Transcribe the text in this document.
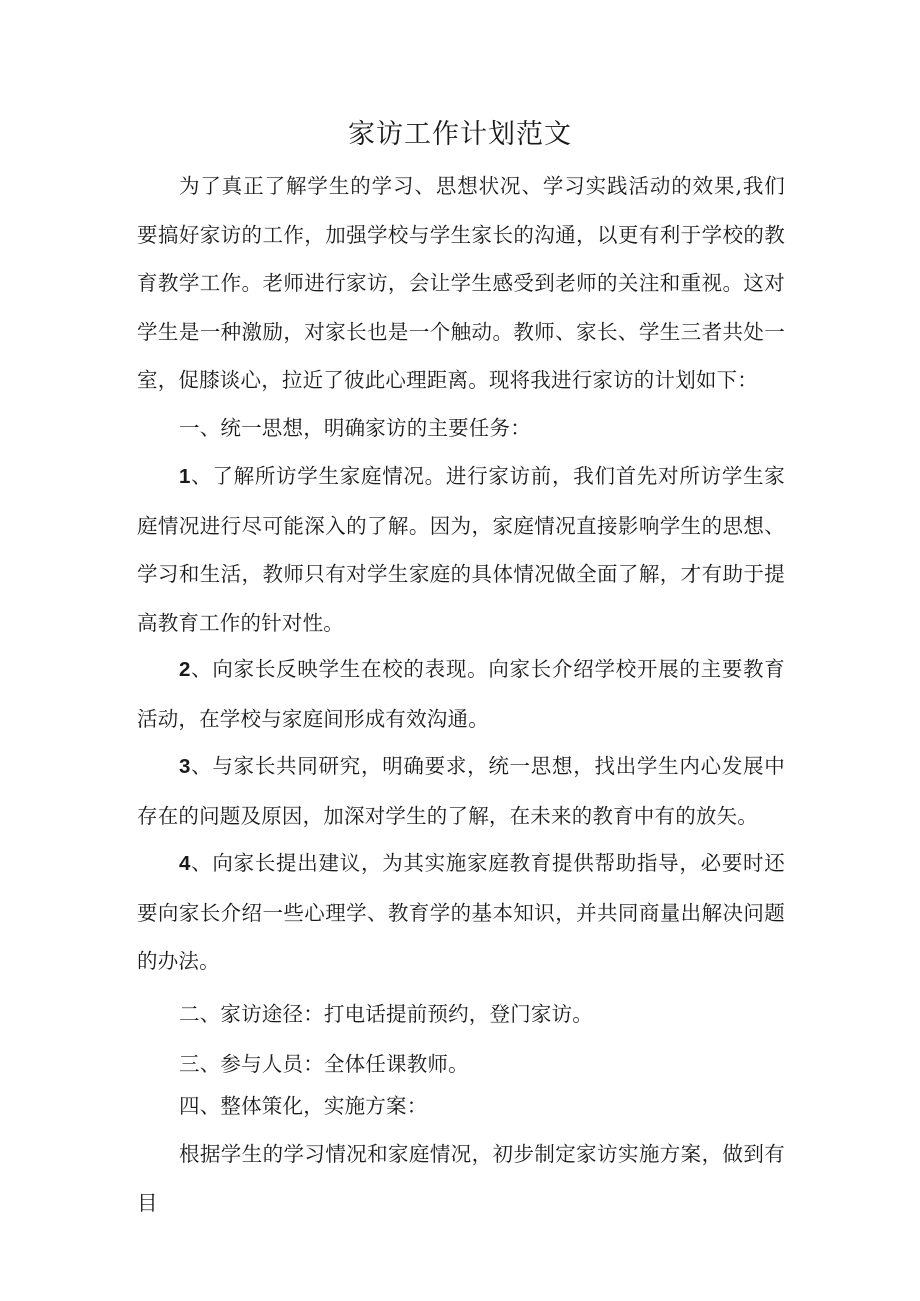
家访工作计划范文

为了真正了解学生的学习、思想状况、学习实践活动的效果,我们要搞好家访的工作，加强学校与学生家长的沟通，以更有利于学校的教育教学工作。老师进行家访，会让学生感受到老师的关注和重视。这对学生是一种激励，对家长也是一个触动。教师、家长、学生三者共处一室，促膝谈心，拉近了彼此心理距离。现将我进行家访的计划如下：

一、统一思想，明确家访的主要任务：

1、了解所访学生家庭情况。进行家访前，我们首先对所访学生家庭情况进行尽可能深入的了解。因为，家庭情况直接影响学生的思想、学习和生活，教师只有对学生家庭的具体情况做全面了解，才有助于提高教育工作的针对性。

2、向家长反映学生在校的表现。向家长介绍学校开展的主要教育活动，在学校与家庭间形成有效沟通。

3、与家长共同研究，明确要求，统一思想，找出学生内心发展中存在的问题及原因，加深对学生的了解，在未来的教育中有的放矢。

4、向家长提出建议，为其实施家庭教育提供帮助指导，必要时还要向家长介绍一些心理学、教育学的基本知识，并共同商量出解决问题的办法。

二、家访途径：打电话提前预约，登门家访。

三、参与人员：全体任课教师。

四、整体策化，实施方案：

根据学生的学习情况和家庭情况，初步制定家访实施方案，做到有目
